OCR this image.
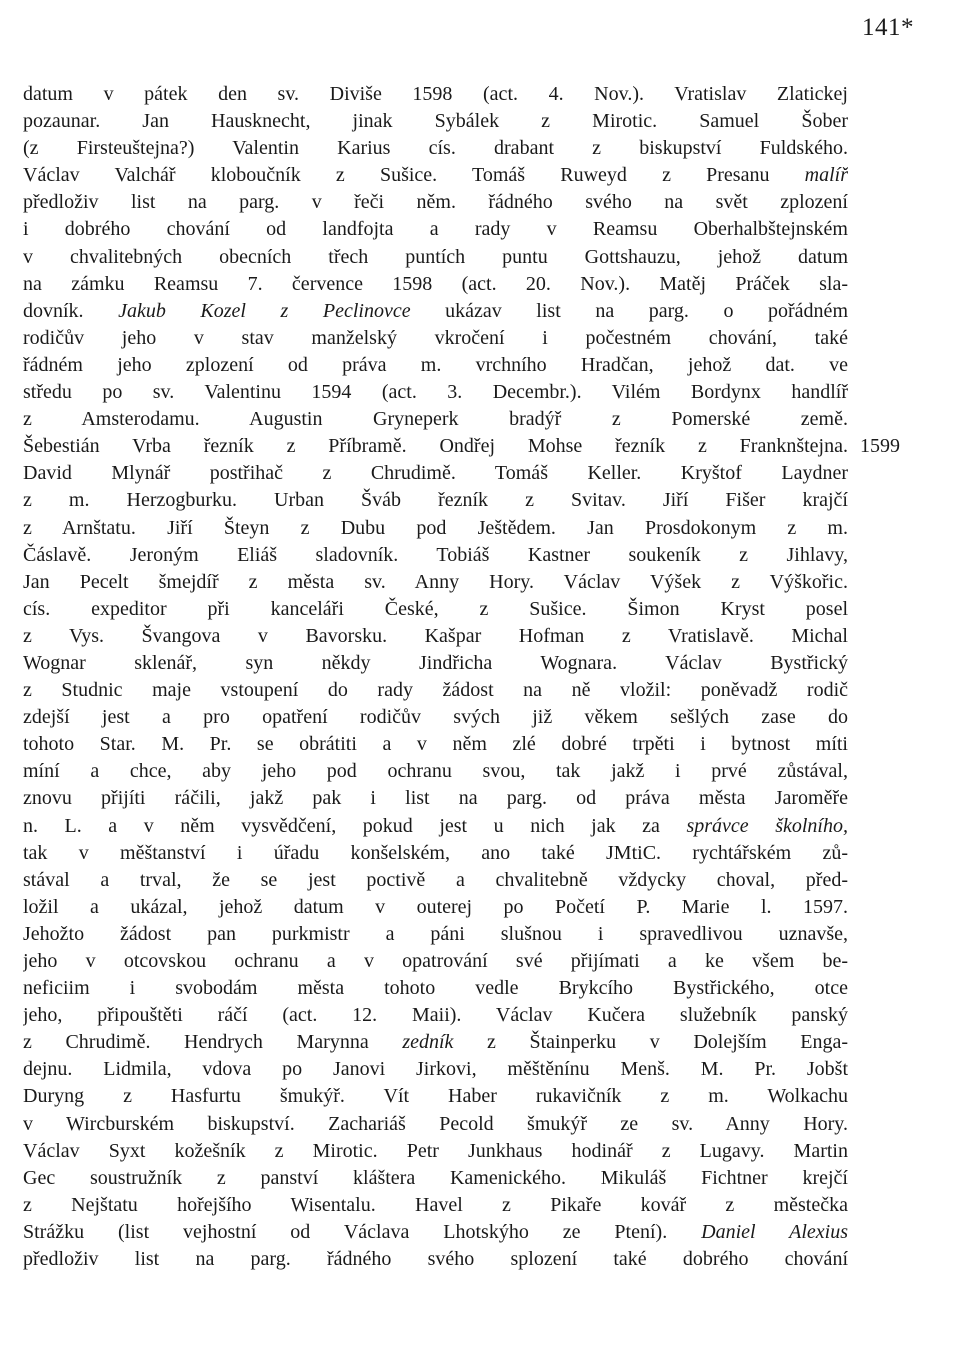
141*
datum v pátek den sv. Diviše 1598 (act. 4. Nov.). Vratislav Zlatickej
pozaunar. Jan Hausknecht, jinak Sybálek z Mirotic. Samuel Šober
(z Firsteuštejna?) Valentin Karius cís. drabant z biskupství Fuldského.
Václav Valchář kloboučník z Sušice. Tomáš Ruweyd z Presanu malíř
předloživ list na parg. v řeči něm. řádného svého na svět zplození
i dobrého chování od landfojta a rady v Reamsu Oberhalbštejnském
v chvalitebných obecních třech puntích puntu Gottshauzu, jehož datum
na zámku Reamsu 7. července 1598 (act. 20. Nov.). Matěj Práček sla-
dovník. Jakub Kozel z Peclinovce ukázav list na parg. o pořádném
rodičův jeho v stav manželský vkročení i počestném chování, také
řádném jeho zplození od práva m. vrchního Hradčan, jehož dat. ve
středu po sv. Valentinu 1594 (act. 3. Decembr.). Vilém Bordynx handlíř
z Amsterodamu. Augustin Gryneperk bradýř z Pomerské země.
Šebestián Vrba řezník z Příbramě. Ondřej Mohse řezník z Franknštejna.
David Mlynář postřihač z Chrudimě. Tomáš Keller. Kryštof Laydner
z m. Herzogburku. Urban Šváb řezník z Svitav. Jiří Fišer krajčí
z Arnštatu. Jiří Šteyn z Dubu pod Ještědem. Jan Prosdokonym z m.
Čáslavě. Jeroným Eliáš sladovník. Tobiáš Kastner soukeník z Jihlavy,
Jan Pecelt šmejdíř z města sv. Anny Hory. Václav Výšek z Výškořic.
cís. expeditor při kanceláři České, z Sušice. Šimon Kryst posel
z Vys. Švangova v Bavorsku. Kašpar Hofman z Vratislavě. Michal
Wognar sklenář, syn někdy Jindřicha Wognara. Václav Bystřický
z Studnic maje vstoupení do rady žádost na ně vložil: poněvadž rodič
zdejší jest a pro opatření rodičův svých již věkem sešlých zase do
tohoto Star. M. Pr. se obrátiti a v něm zlé dobré trpěti i bytnost míti
míní a chce, aby jeho pod ochranu svou, tak jakž i prvé zůstával,
znovu přijíti ráčili, jakž pak i list na parg. od práva města Jaroměře
n. L. a v něm vysvědčení, pokud jest u nich jak za správce školního,
tak v měštanství i úřadu konšelském, ano také JMtiC. rychtářském zů-
stával a trval, že se jest poctivě a chvalitebně vždycky choval, před-
ložil a ukázal, jehož datum v outerej po Početí P. Marie l. 1597.
Jehožto žádost pan purkmistr a páni slušnou i spravedlivou uznavše,
jeho v otcovskou ochranu a v opatrování své přijímati a ke všem be-
neficiim i svobodám města tohoto vedle Brykcího Bystřického, otce
jeho, připouštěti ráčí (act. 12. Maii). Václav Kučera služebník panský
z Chrudimě. Hendrych Marynna zedník z Štainperku v Dolejším Enga-
dejnu. Lidmila, vdova po Janovi Jirkovi, měštěnínu Menš. M. Pr. Jobšt
Duryng z Hasfurtu šmukýř. Vít Haber rukavičník z m. Wolkachu
v Wircburském biskupství. Zachariáš Pecold šmukýř ze sv. Anny Hory.
Václav Syxt kožešník z Mirotic. Petr Junkhaus hodinář z Lugavy. Martin
Gec soustružník z panství kláštera Kamenického. Mikuláš Fichtner krejčí
z Nejštatu hořejšího Wisentalu. Havel z Pikaře kovář z městečka
Strážku (list vejhostní od Václava Lhotskýho ze Ptení). Daniel Alexius
předloživ list na parg. řádného svého splození také dobrého chování
1599
